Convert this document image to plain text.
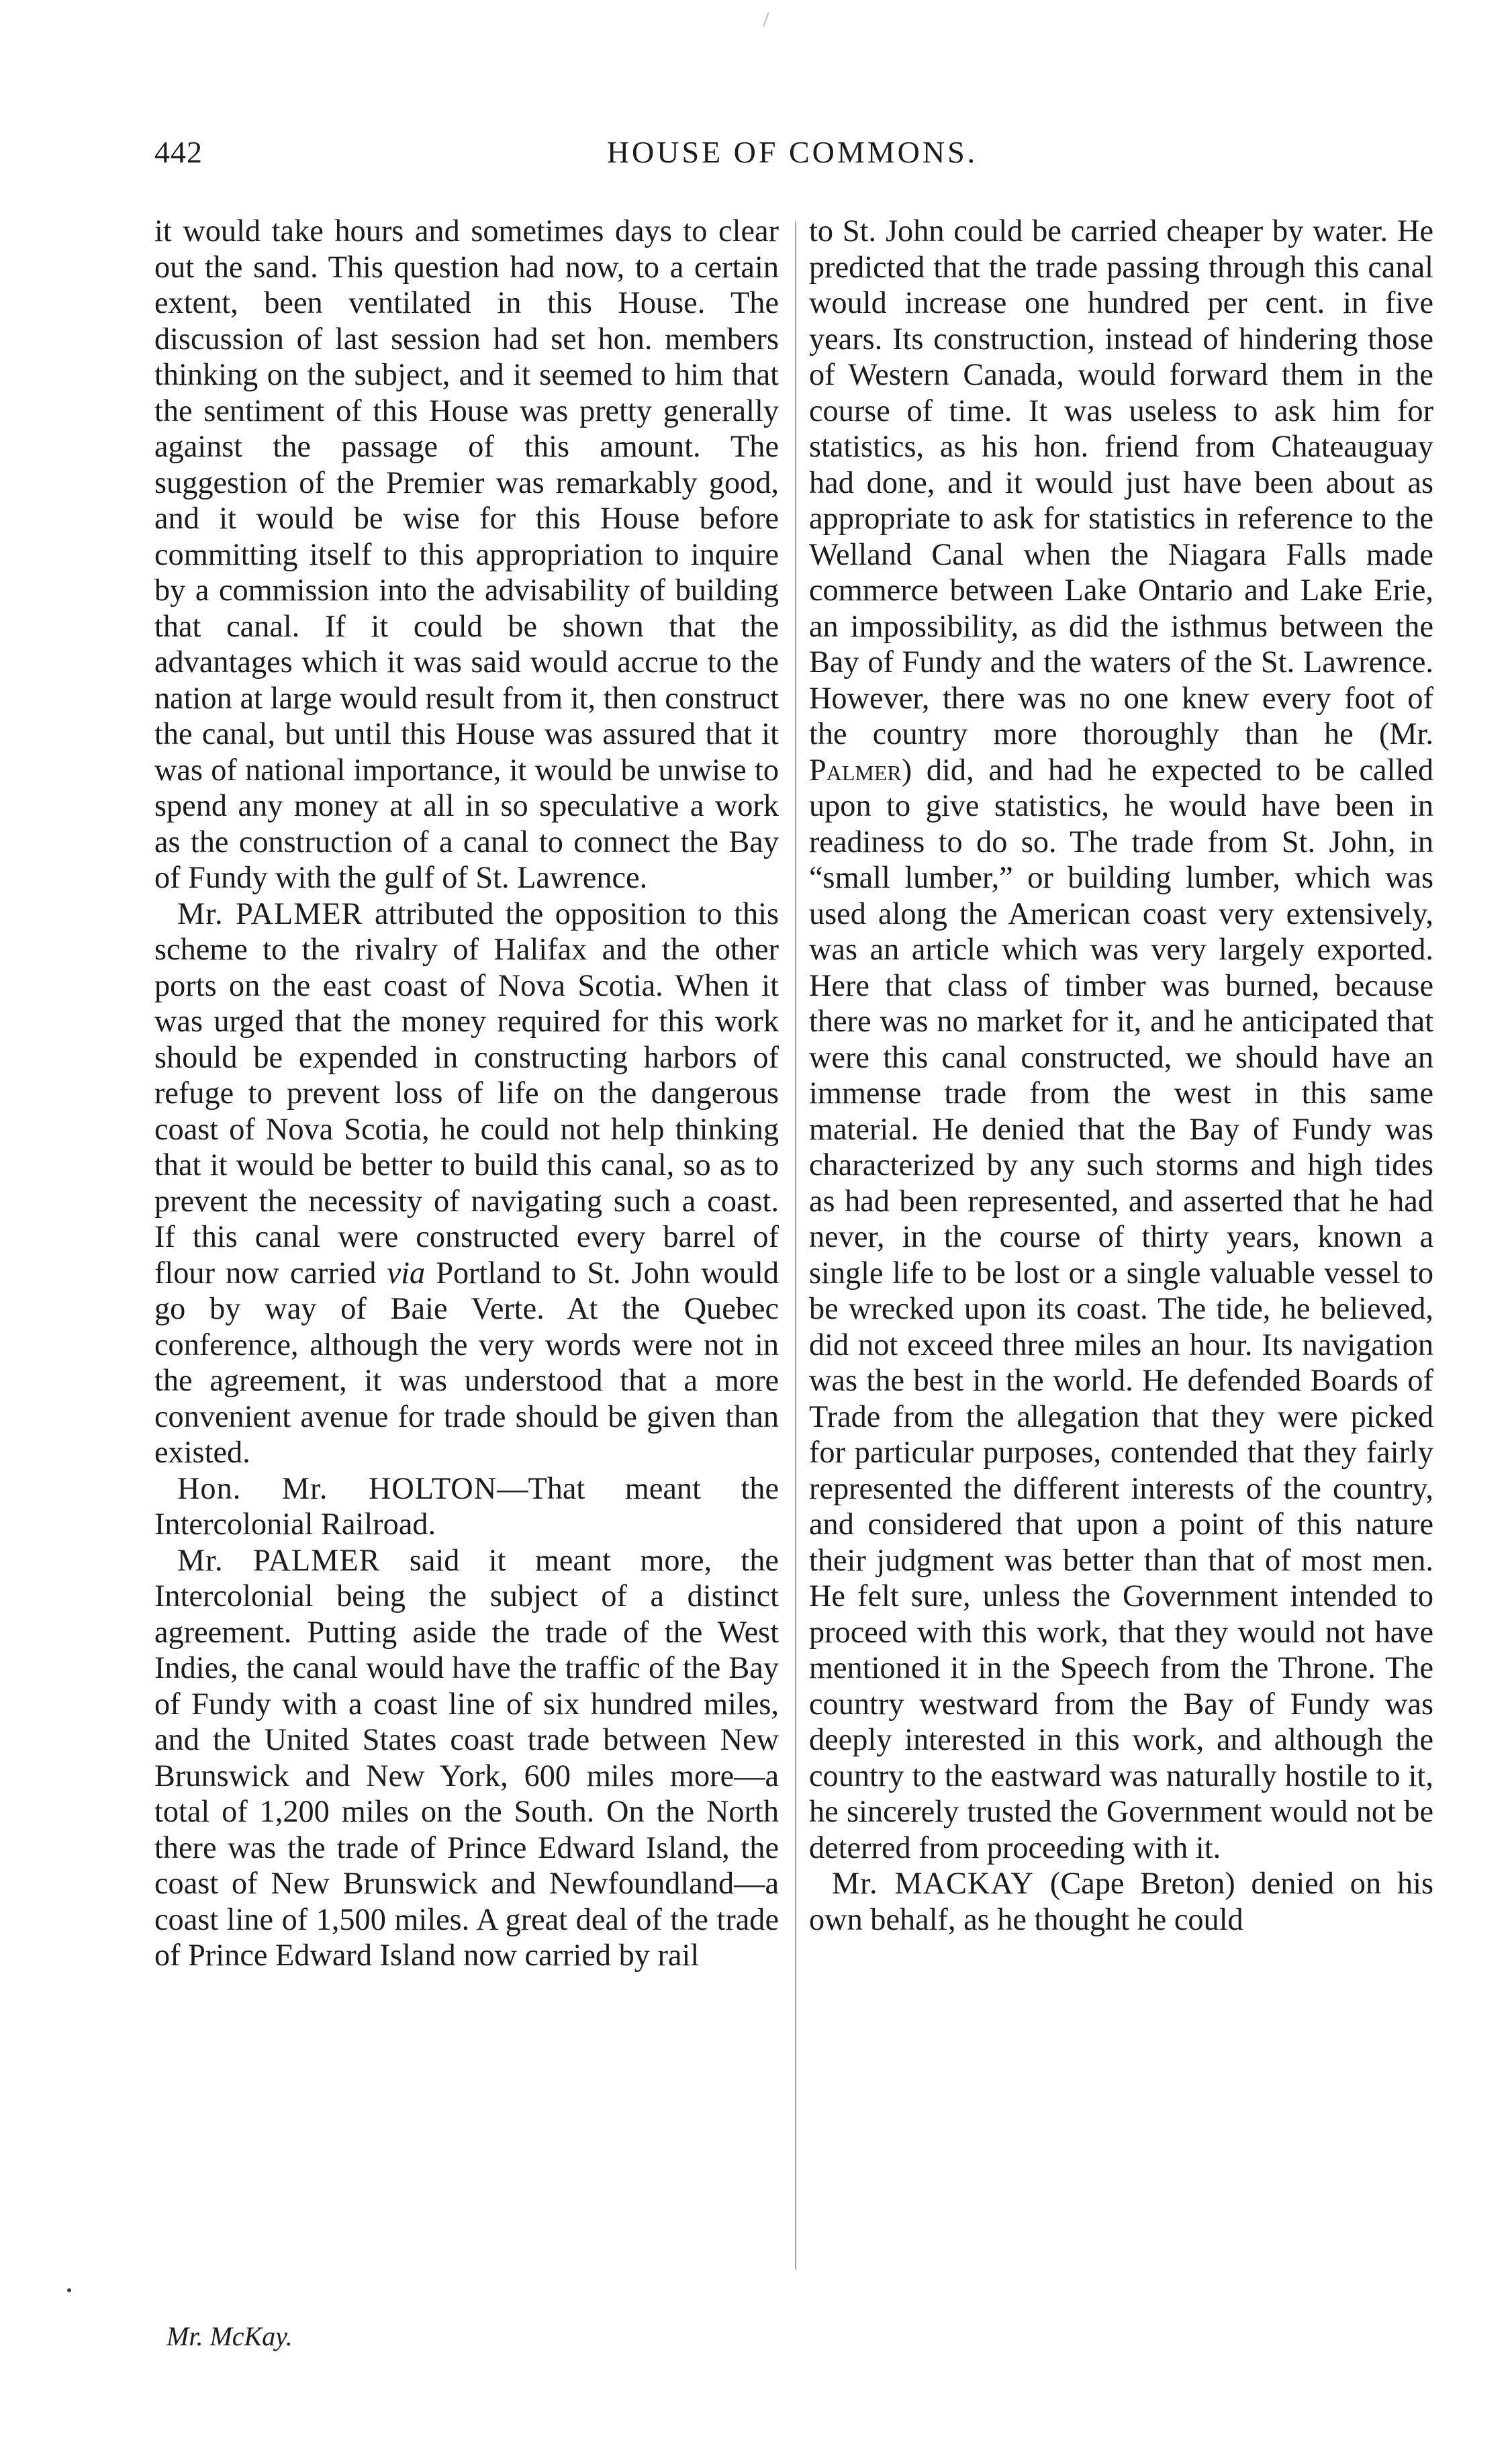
442	HOUSE OF COMMONS.

it would take hours and sometimes days to clear out the sand. This question had now, to a certain extent, been ventilated in this House. The discussion of last session had set hon. members thinking on the subject, and it seemed to him that the sentiment of this House was pretty generally against the passage of this amount. The suggestion of the Premier was remarkably good, and it would be wise for this House before committing itself to this appropriation to inquire by a commission into the advisability of building that canal. If it could be shown that the advantages which it was said would accrue to the nation at large would result from it, then construct the canal, but until this House was assured that it was of national importance, it would be unwise to spend any money at all in so speculative a work as the construction of a canal to connect the Bay of Fundy with the gulf of St. Lawrence.

Mr. PALMER attributed the opposition to this scheme to the rivalry of Halifax and the other ports on the east coast of Nova Scotia. When it was urged that the money required for this work should be expended in constructing harbors of refuge to prevent loss of life on the dangerous coast of Nova Scotia, he could not help thinking that it would be better to build this canal, so as to prevent the necessity of navigating such a coast. If this canal were constructed every barrel of flour now carried via Portland to St. John would go by way of Baie Verte. At the Quebec conference, although the very words were not in the agreement, it was understood that a more convenient avenue for trade should be given than existed.

Hon. Mr. HOLTON—That meant the Intercolonial Railroad.

Mr. PALMER said it meant more, the Intercolonial being the subject of a distinct agreement. Putting aside the trade of the West Indies, the canal would have the traffic of the Bay of Fundy with a coast line of six hundred miles, and the United States coast trade between New Brunswick and New York, 600 miles more—a total of 1,200 miles on the South. On the North there was the trade of Prince Edward Island, the coast of New Brunswick and Newfoundland—a coast line of 1,500 miles. A great deal of the trade of Prince Edward Island now carried by rail

to St. John could be carried cheaper by water. He predicted that the trade passing through this canal would increase one hundred per cent. in five years. Its construction, instead of hindering those of Western Canada, would forward them in the course of time. It was useless to ask him for statistics, as his hon. friend from Chateauguay had done, and it would just have been about as appropriate to ask for statistics in reference to the Welland Canal when the Niagara Falls made commerce between Lake Ontario and Lake Erie, an impossibility, as did the isthmus between the Bay of Fundy and the waters of the St. Lawrence. However, there was no one knew every foot of the country more thoroughly than he (Mr. Palmer) did, and had he expected to be called upon to give statistics, he would have been in readiness to do so. The trade from St. John, in “small lumber,” or building lumber, which was used along the American coast very extensively, was an article which was very largely exported. Here that class of timber was burned, because there was no market for it, and he anticipated that were this canal constructed, we should have an immense trade from the west in this same material. He denied that the Bay of Fundy was characterized by any such storms and high tides as had been represented, and asserted that he had never, in the course of thirty years, known a single life to be lost or a single valuable vessel to be wrecked upon its coast. The tide, he believed, did not exceed three miles an hour. Its navigation was the best in the world. He defended Boards of Trade from the allegation that they were picked for particular purposes, contended that they fairly represented the different interests of the country, and considered that upon a point of this nature their judgment was better than that of most men. He felt sure, unless the Government intended to proceed with this work, that they would not have mentioned it in the Speech from the Throne. The country westward from the Bay of Fundy was deeply interested in this work, and although the country to the eastward was naturally hostile to it, he sincerely trusted the Government would not be deterred from proceeding with it.

Mr. MACKAY (Cape Breton) denied on his own behalf, as he thought he could

Mr. McKay.
